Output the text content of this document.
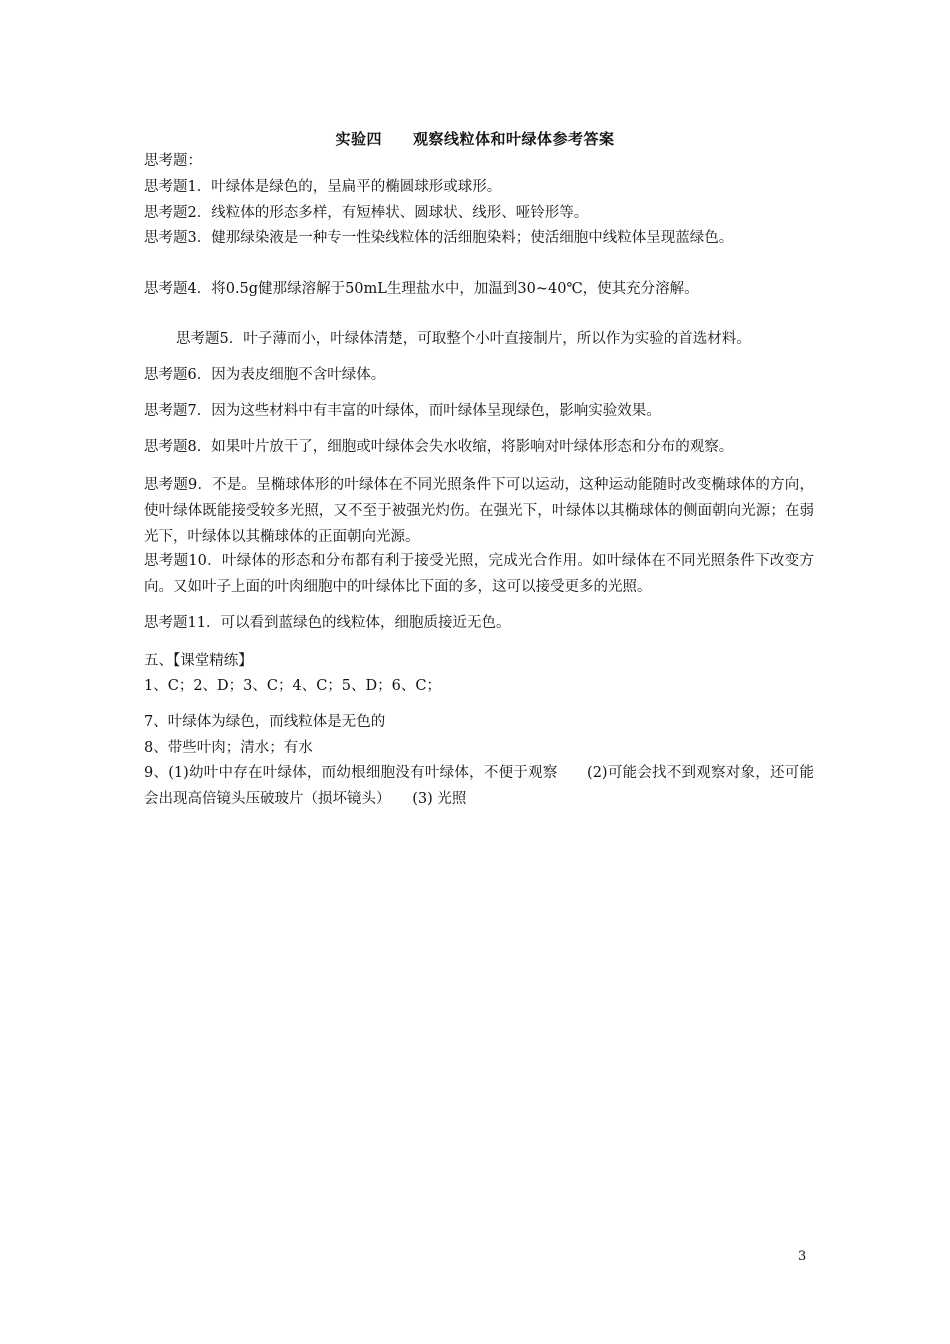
实验四　　观察线粒体和叶绿体参考答案
思考题：
思考题1．叶绿体是绿色的，呈扁平的椭圆球形或球形。
思考题2．线粒体的形态多样，有短棒状、圆球状、线形、哑铃形等。
思考题3．健那绿染液是一种专一性染线粒体的活细胞染料；使活细胞中线粒体呈现蓝绿色。
思考题4．将0.5g健那绿溶解于50mL生理盐水中，加温到30~40℃，使其充分溶解。
思考题5．叶子薄而小，叶绿体清楚，可取整个小叶直接制片，所以作为实验的首选材料。
思考题6．因为表皮细胞不含叶绿体。
思考题7．因为这些材料中有丰富的叶绿体，而叶绿体呈现绿色，影响实验效果。
思考题8．如果叶片放干了，细胞或叶绿体会失水收缩，将影响对叶绿体形态和分布的观察。
思考题9．不是。呈椭球体形的叶绿体在不同光照条件下可以运动，这种运动能随时改变椭球体的方向，使叶绿体既能接受较多光照，又不至于被强光灼伤。在强光下，叶绿体以其椭球体的侧面朝向光源；在弱光下，叶绿体以其椭球体的正面朝向光源。
思考题10．叶绿体的形态和分布都有利于接受光照，完成光合作用。如叶绿体在不同光照条件下改变方向。又如叶子上面的叶肉细胞中的叶绿体比下面的多，这可以接受更多的光照。
思考题11．可以看到蓝绿色的线粒体，细胞质接近无色。
五、【课堂精练】
1、C；2、D；3、C；4、C；5、D；6、C；
7、叶绿体为绿色，而线粒体是无色的
8、带些叶肉；清水；有水
9、(1)幼叶中存在叶绿体，而幼根细胞没有叶绿体，不便于观察　　(2)可能会找不到观察对象，还可能会出现高倍镜头压破玻片（损坏镜头）　　(3) 光照
3
